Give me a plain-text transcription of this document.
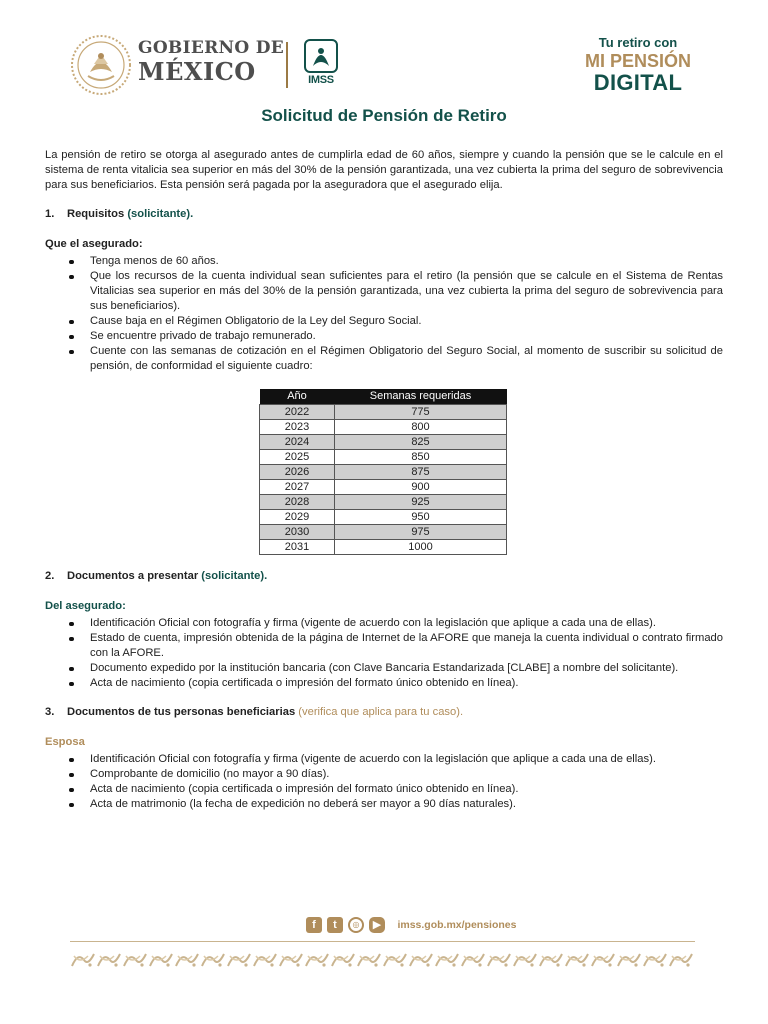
GOBIERNO DE
MÉXICO	IMSS
Tu retiro con
MI PENSIÓN
DIGITAL
Solicitud de Pensión de Retiro

La pensión de retiro se otorga al asegurado antes de cumplirla edad de 60 años, siempre y cuando la pensión que se le calcule en el sistema de renta vitalicia sea superior en más del 30% de la pensión garantizada, una vez cubierta la prima del seguro de sobrevivencia para sus beneficiarios. Esta pensión será pagada por la aseguradora que el asegurado elija.

1. Requisitos (solicitante).
Que el asegurado:
Tenga menos de 60 años.
Que los recursos de la cuenta individual sean suficientes para el retiro (la pensión que se calcule en el Sistema de Rentas Vitalicias sea superior en más del 30% de la pensión garantizada, una vez cubierta la prima del seguro de sobrevivencia para sus beneficiarios).
Cause baja en el Régimen Obligatorio de la Ley del Seguro Social.
Se encuentre privado de trabajo remunerado.
Cuente con las semanas de cotización en el Régimen Obligatorio del Seguro Social, al momento de suscribir su solicitud de pensión, de conformidad el siguiente cuadro:
Año	Semanas requeridas
2022	775
2023	800
2024	825
2025	850
2026	875
2027	900
2028	925
2029	950
2030	975
2031	1000
2. Documentos a presentar (solicitante).
Del asegurado:
Identificación Oficial con fotografía y firma (vigente de acuerdo con la legislación que aplique a cada una de ellas).
Estado de cuenta, impresión obtenida de la página de Internet de la AFORE que maneja la cuenta individual o contrato firmado con la AFORE.
Documento expedido por la institución bancaria (con Clave Bancaria Estandarizada [CLABE] a nombre del solicitante).
Acta de nacimiento (copia certificada o impresión del formato único obtenido en línea).
3. Documentos de tus personas beneficiarias (verifica que aplica para tu caso).
Esposa
Identificación Oficial con fotografía y firma (vigente de acuerdo con la legislación que aplique a cada una de ellas).
Comprobante de domicilio (no mayor a 90 días).
Acta de nacimiento (copia certificada o impresión del formato único obtenido en línea).
Acta de matrimonio (la fecha de expedición no deberá ser mayor a 90 días naturales).
f t ◎ ▶ imss.gob.mx/pensiones
